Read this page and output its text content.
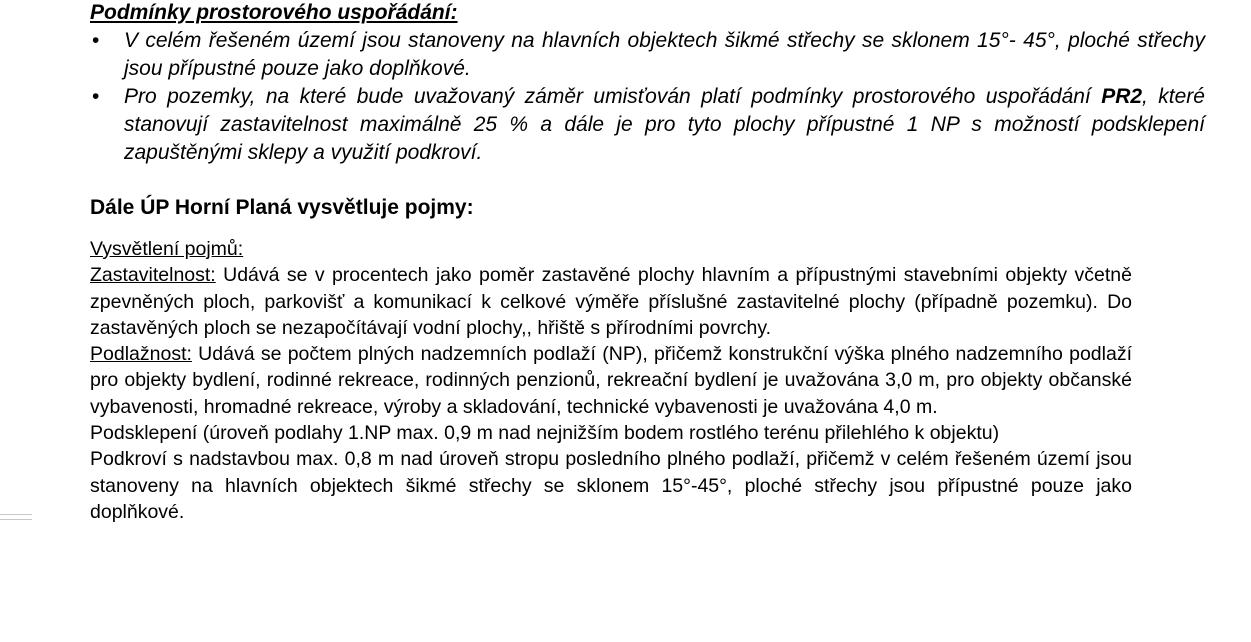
Podmínky prostorového uspořádání:
• V celém řešeném území jsou stanoveny na hlavních objektech šikmé střechy se sklonem 15°- 45°, ploché střechy jsou přípustné pouze jako doplňkové.
• Pro pozemky, na které bude uvažovaný záměr umisťován platí podmínky prostorového uspořádání PR2, které stanovují zastavitelnost maximálně 25 % a dále je pro tyto plochy přípustné 1 NP s možností podsklepení zapuštěnými sklepy a využití podkroví.
Dále ÚP Horní Planá vysvětluje pojmy:

Vysvětlení pojmů:

Zastavitelnost: Udává se v procentech jako poměr zastavěné plochy hlavním a přípustnými stavebními objekty včetně zpevněných ploch, parkovišť a komunikací k celkové výměře příslušné zastavitelné plochy (případně pozemku). Do zastavěných ploch se nezapočítávají vodní plochy,, hřiště s přírodními povrchy.

Podlažnost: Udává se počtem plných nadzemních podlaží (NP), přičemž konstrukční výška plného nadzemního podlaží pro objekty bydlení, rodinné rekreace, rodinných penzionů, rekreační bydlení je uvažována 3,0 m, pro objekty občanské vybavenosti, hromadné rekreace, výroby a skladování, technické vybavenosti je uvažována 4,0 m.

Podsklepení (úroveň podlahy 1.NP max. 0,9 m nad nejnižším bodem rostlého terénu přilehlého k objektu)

Podkroví s nadstavbou max. 0,8 m nad úroveň stropu posledního plného podlaží, přičemž v celém řešeném území jsou stanoveny na hlavních objektech šikmé střechy se sklonem 15°-45°, ploché střechy jsou přípustné pouze jako doplňkové.
